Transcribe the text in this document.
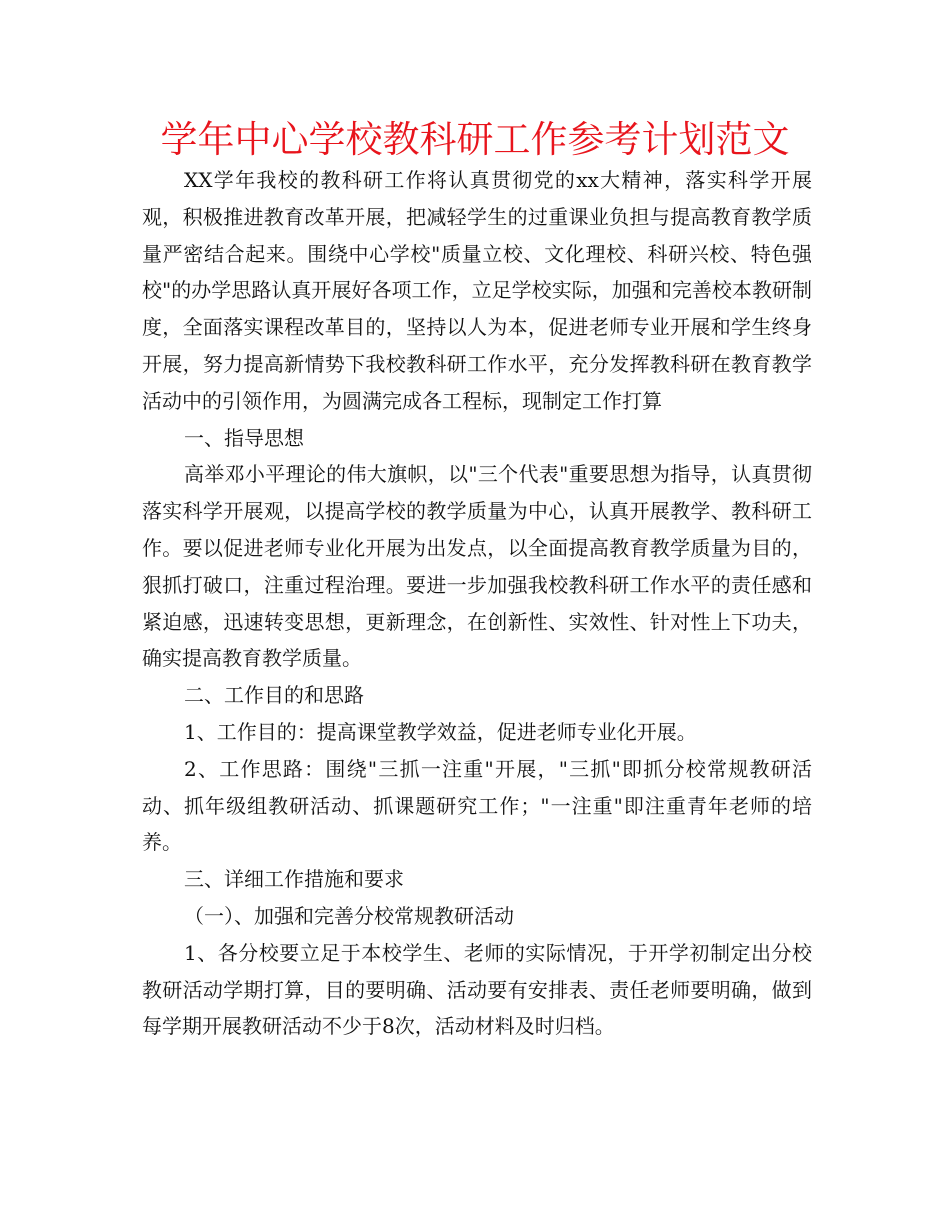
学年中心学校教科研工作参考计划范文

XX学年我校的教科研工作将认真贯彻党的xx大精神，落实科学开展观，积极推进教育改革开展，把减轻学生的过重课业负担与提高教育教学质量严密结合起来。围绕中心学校"质量立校、文化理校、科研兴校、特色强校"的办学思路认真开展好各项工作，立足学校实际，加强和完善校本教研制度，全面落实课程改革目的，坚持以人为本，促进老师专业开展和学生终身开展，努力提高新情势下我校教科研工作水平，充分发挥教科研在教育教学活动中的引领作用，为圆满完成各工程标，现制定工作打算

一、指导思想

高举邓小平理论的伟大旗帜，以"三个代表"重要思想为指导，认真贯彻落实科学开展观，以提高学校的教学质量为中心，认真开展教学、教科研工作。要以促进老师专业化开展为出发点，以全面提高教育教学质量为目的，狠抓打破口，注重过程治理。要进一步加强我校教科研工作水平的责任感和紧迫感，迅速转变思想，更新理念，在创新性、实效性、针对性上下功夫，确实提高教育教学质量。

二、工作目的和思路

1、工作目的：提高课堂教学效益，促进老师专业化开展。

2、工作思路：围绕"三抓一注重"开展，"三抓"即抓分校常规教研活动、抓年级组教研活动、抓课题研究工作；"一注重"即注重青年老师的培养。

三、详细工作措施和要求

（一）、加强和完善分校常规教研活动

1、各分校要立足于本校学生、老师的实际情况，于开学初制定出分校教研活动学期打算，目的要明确、活动要有安排表、责任老师要明确，做到每学期开展教研活动不少于8次，活动材料及时归档。
